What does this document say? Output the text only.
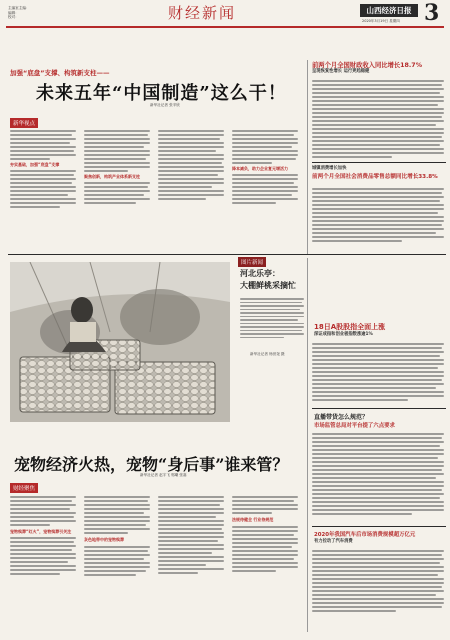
主编室主编：
编辑：
校对：	财经新闻	山西经济日报
2020年3月19日 星期四	3
加强“底盘”支撑、构筑新支柱——
未来五年“中国制造”这么干！
新华社记者 张辛欣
新华视点
夯实基础，加强“底盘”支撑
聚焦创新，构筑产业体系新支柱
降本减负，助力企业复元增活力
前两个月全国财政收入同比增长18.7%
呈现恢复性增长 运行更趋稳健
城镇消费增长加快
前两个月全国社会消费品零售总额同比增长33.8%
图片新闻
河北乐亭：
大棚鲜桃采摘忙
新华社记者 杨世尧 摄
18日A股股指全面上涨
深证成指和创业板指数涨逾1%
直播带货怎么规范？
市场监管总局对平台提了六点要求
2020年我国汽车后市场消费规模超万亿元
有力拉动了汽车消费
宠物经济火热，宠物“身后事”谁来管？
新华社记者 赵宇飞 郭曦 张嘉
财经聚焦
宠物殡葬“红火”，宠物殡葬引关注
灰色地带中的宠物殡葬
法规待健全 行业待规范
